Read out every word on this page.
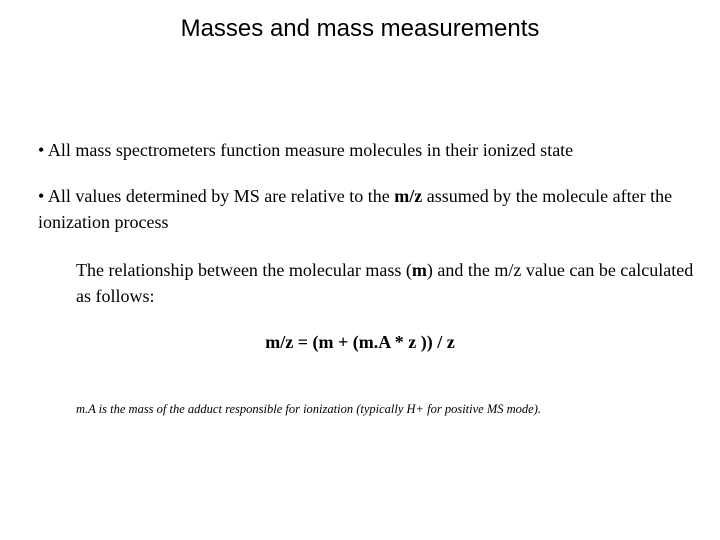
Masses and mass measurements

• All mass spectrometers function measure molecules in their ionized state

• All values determined by MS are relative to the m/z assumed by the molecule after the ionization process

The relationship between the molecular mass (m) and the m/z value can be calculated as follows:

m/z = (m + (m.A * z )) / z

m.A is the mass of the adduct responsible for ionization (typically H+ for positive MS mode).
